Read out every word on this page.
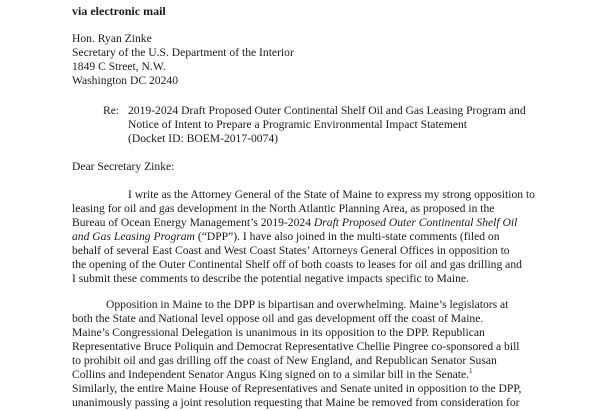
via electronic mail
Hon. Ryan Zinke
Secretary of the U.S. Department of the Interior
1849 C Street, N.W.
Washington DC 20240
Re: 2019-2024 Draft Proposed Outer Continental Shelf Oil and Gas Leasing Program and
Notice of Intent to Prepare a Programic Environmental Impact Statement
(Docket ID: BOEM-2017-0074)
Dear Secretary Zinke:
I write as the Attorney General of the State of Maine to express my strong opposition to
leasing for oil and gas development in the North Atlantic Planning Area, as proposed in the
Bureau of Ocean Energy Management’s 2019-2024 Draft Proposed Outer Continental Shelf Oil
and Gas Leasing Program (“DPP”). I have also joined in the multi-state comments (filed on
behalf of several East Coast and West Coast States’ Attorneys General Offices in opposition to
the opening of the Outer Continental Shelf off of both coasts to leases for oil and gas drilling and
I submit these comments to describe the potential negative impacts specific to Maine.
Opposition in Maine to the DPP is bipartisan and overwhelming. Maine’s legislators at
both the State and National level oppose oil and gas development off the coast of Maine.
Maine’s Congressional Delegation is unanimous in its opposition to the DPP. Republican
Representative Bruce Poliquin and Democrat Representative Chellie Pingree co-sponsored a bill
to prohibit oil and gas drilling off the coast of New England, and Republican Senator Susan
Collins and Independent Senator Angus King signed on to a similar bill in the Senate.$^1$
Similarly, the entire Maine House of Representatives and Senate united in opposition to the DPP,
unanimously passing a joint resolution requesting that Maine be removed from consideration for
